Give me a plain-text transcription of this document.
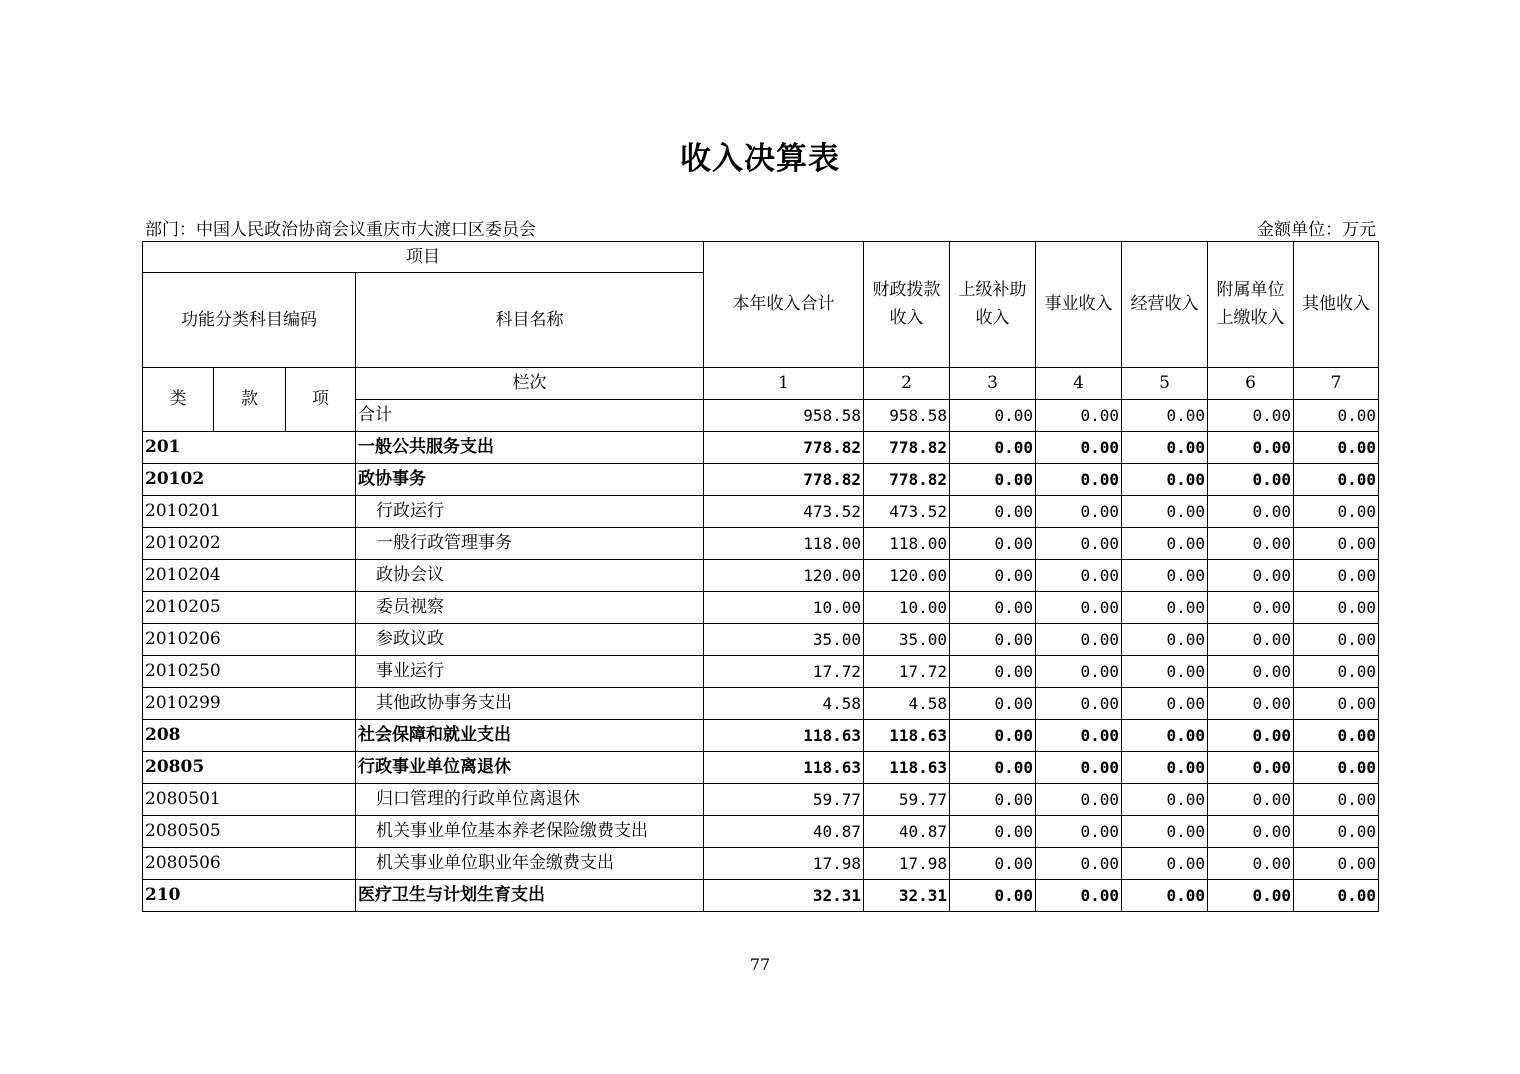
收入决算表
部门：中国人民政治协商会议重庆市大渡口区委员会	金额单位：万元
项目				本年收入合计	财政拨款收入	上级补助收入	事业收入	经营收入	附属单位上缴收入	其他收入
功能分类科目编码			科目名称							
类	款	项	栏次	1	2	3	4	5	6	7
			合计	958.58	958.58	0.00	0.00	0.00	0.00	0.00
201			一般公共服务支出	778.82	778.82	0.00	0.00	0.00	0.00	0.00
20102			政协事务	778.82	778.82	0.00	0.00	0.00	0.00	0.00
2010201			行政运行	473.52	473.52	0.00	0.00	0.00	0.00	0.00
2010202			一般行政管理事务	118.00	118.00	0.00	0.00	0.00	0.00	0.00
2010204			政协会议	120.00	120.00	0.00	0.00	0.00	0.00	0.00
2010205			委员视察	10.00	10.00	0.00	0.00	0.00	0.00	0.00
2010206			参政议政	35.00	35.00	0.00	0.00	0.00	0.00	0.00
2010250			事业运行	17.72	17.72	0.00	0.00	0.00	0.00	0.00
2010299			其他政协事务支出	4.58	4.58	0.00	0.00	0.00	0.00	0.00
208			社会保障和就业支出	118.63	118.63	0.00	0.00	0.00	0.00	0.00
20805			行政事业单位离退休	118.63	118.63	0.00	0.00	0.00	0.00	0.00
2080501			归口管理的行政单位离退休	59.77	59.77	0.00	0.00	0.00	0.00	0.00
2080505			机关事业单位基本养老保险缴费支出	40.87	40.87	0.00	0.00	0.00	0.00	0.00
2080506			机关事业单位职业年金缴费支出	17.98	17.98	0.00	0.00	0.00	0.00	0.00
210			医疗卫生与计划生育支出	32.31	32.31	0.00	0.00	0.00	0.00	0.00
77
